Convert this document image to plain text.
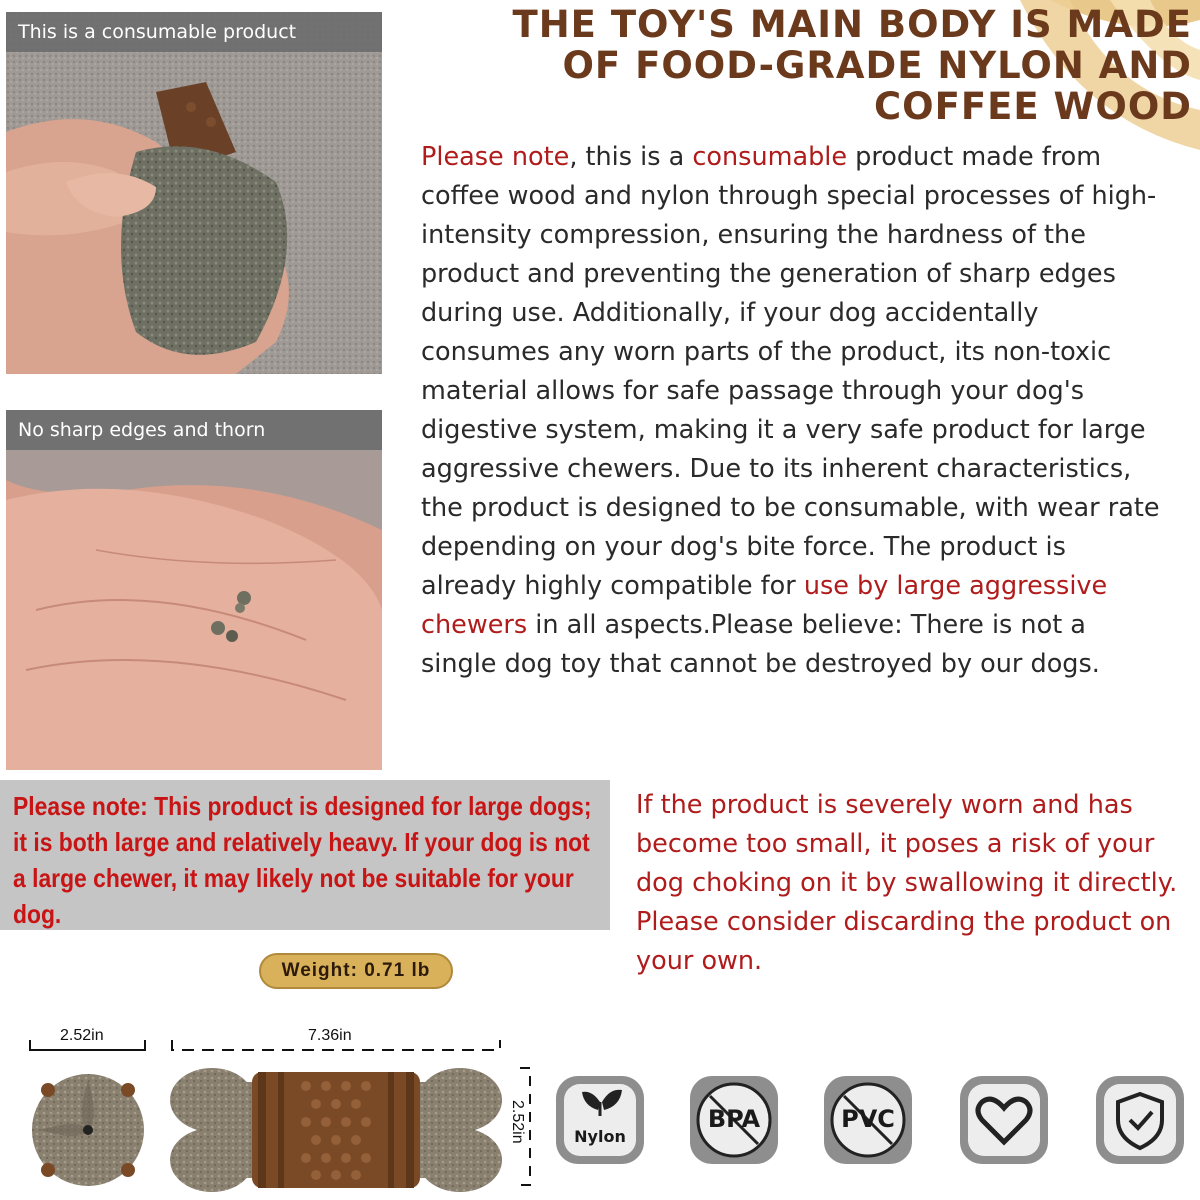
THE TOY'S MAIN BODY IS MADE
OF FOOD-GRADE NYLON AND
COFFEE WOOD
This is a consumable product
No sharp edges and thorn
Please note, this is a consumable product made from coffee wood and nylon through special processes of high-intensity compression, ensuring the hardness of the product and preventing the generation of sharp edges during use. Additionally, if your dog accidentally consumes any worn parts of the product, its non-toxic material allows for safe passage through your dog's digestive system, making it a very safe product for large aggressive chewers. Due to its inherent characteristics, the product is designed to be consumable, with wear rate depending on your dog's bite force. The product is already highly compatible for use by large aggressive chewers in all aspects.Please believe: There is not a single dog toy that cannot be destroyed by our dogs.
Please note: This product is designed for large dogs; it is both large and relatively heavy. If your dog is not a large chewer, it may likely not be suitable for your dog.
If the product is severely worn and has become too small, it poses a risk of your dog choking on it by swallowing it directly. Please consider discarding the product on your own.
Weight: 0.71 lb
2.52in	7.36in
2.52in	Nylon
BPA	PVC
